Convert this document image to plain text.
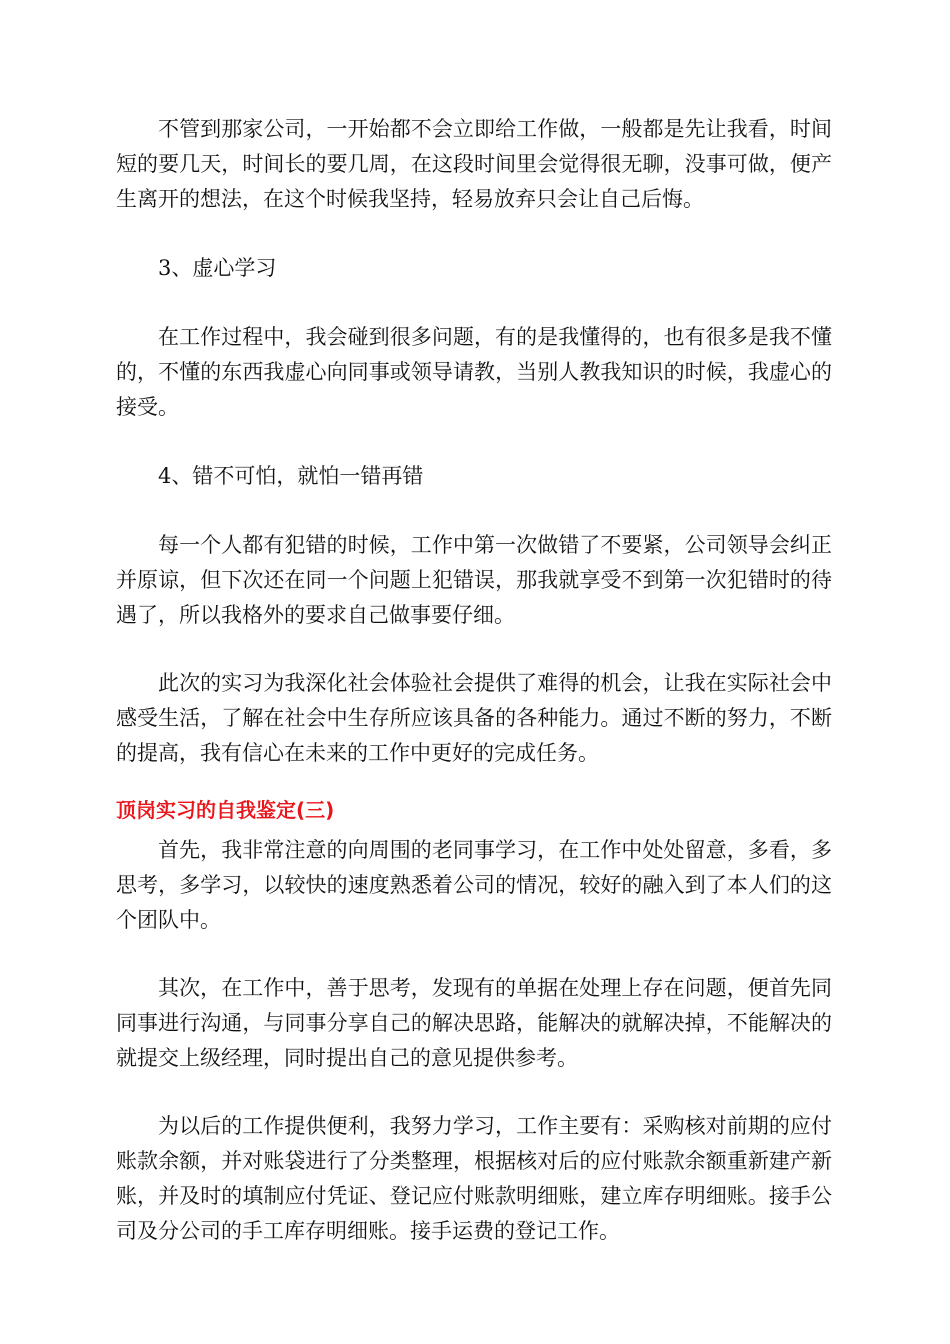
不管到那家公司，一开始都不会立即给工作做，一般都是先让我看，时间短的要几天，时间长的要几周，在这段时间里会觉得很无聊，没事可做，便产生离开的想法，在这个时候我坚持，轻易放弃只会让自己后悔。

3、虚心学习

在工作过程中，我会碰到很多问题，有的是我懂得的，也有很多是我不懂的，不懂的东西我虚心向同事或领导请教，当别人教我知识的时候，我虚心的接受。

4、错不可怕，就怕一错再错

每一个人都有犯错的时候，工作中第一次做错了不要紧，公司领导会纠正并原谅，但下次还在同一个问题上犯错误，那我就享受不到第一次犯错时的待遇了，所以我格外的要求自己做事要仔细。

此次的实习为我深化社会体验社会提供了难得的机会，让我在实际社会中感受生活，了解在社会中生存所应该具备的各种能力。通过不断的努力，不断的提高，我有信心在未来的工作中更好的完成任务。

顶岗实习的自我鉴定(三)

首先，我非常注意的向周围的老同事学习，在工作中处处留意，多看，多思考，多学习，以较快的速度熟悉着公司的情况，较好的融入到了本人们的这个团队中。

其次，在工作中，善于思考，发现有的单据在处理上存在问题，便首先同同事进行沟通，与同事分享自己的解决思路，能解决的就解决掉，不能解决的就提交上级经理，同时提出自己的意见提供参考。

为以后的工作提供便利，我努力学习，工作主要有：采购核对前期的应付账款余额，并对账袋进行了分类整理，根据核对后的应付账款余额重新建产新账，并及时的填制应付凭证、登记应付账款明细账，建立库存明细账。接手公司及分公司的手工库存明细账。接手运费的登记工作。
